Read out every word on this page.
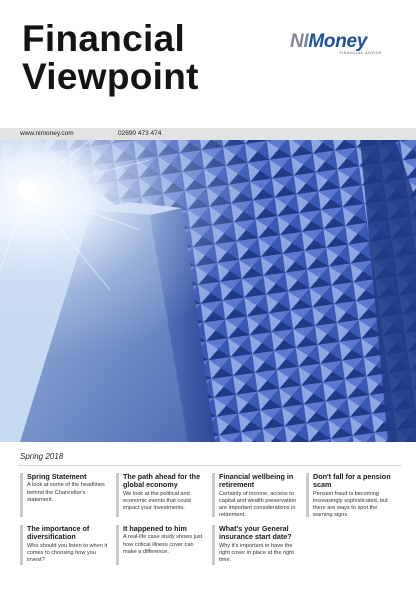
Financial
Viewpoint
NIMoney
FINANCIAL ADVICE
www.nimoney.com	02890 473 474
Spring 2018
Spring Statement
A look at some of the headlines behind the Chancellor's statement.
The path ahead for the global economy
We look at the political and economic events that could impact your investments.
Financial wellbeing in retirement
Certainty of income, access to capital and wealth preservation are important considerations in retirement.
Don't fall for a pension scam
Pension fraud is becoming increasingly sophisticated, but there are ways to spot the warning signs.
The importance of diversification
Who should you listen to when it comes to choosing how you invest?
It happened to him
A real-life case study shows just how critical illness cover can make a difference.
What's your General insurance start date?
Why it's important to have the right cover in place at the right time.
